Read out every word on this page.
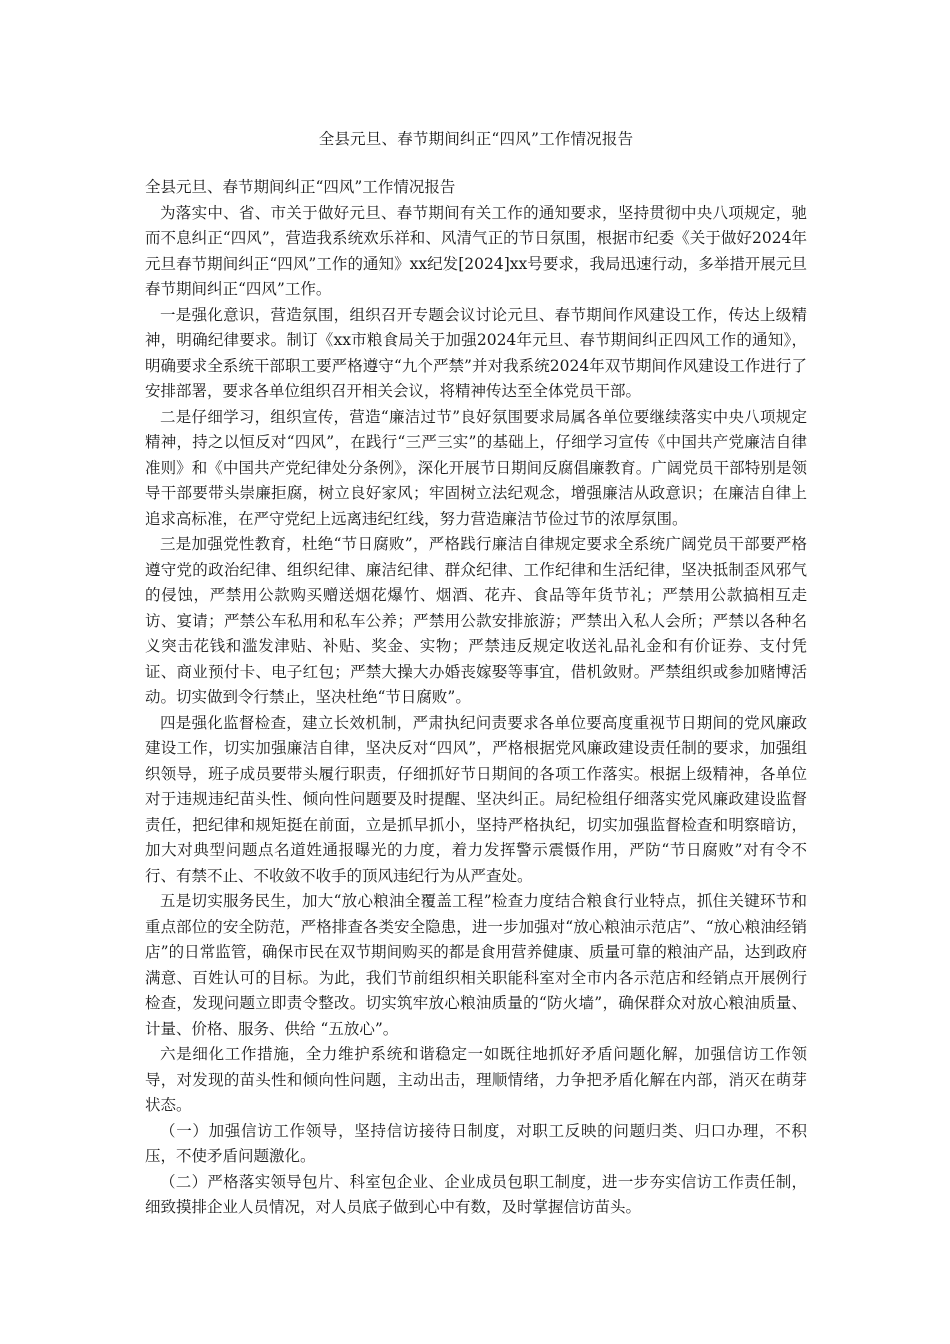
全县元旦、春节期间纠正“四风”工作情况报告
全县元旦、春节期间纠正“四风”工作情况报告

为落实中、省、市关于做好元旦、春节期间有关工作的通知要求，坚持贯彻中央八项规定，驰而不息纠正“四风”，营造我系统欢乐祥和、风清气正的节日氛围，根据市纪委《关于做好2024年元旦春节期间纠正“四风”工作的通知》xx纪发[2024]xx号要求，我局迅速行动，多举措开展元旦春节期间纠正“四风”工作。

一是强化意识，营造氛围，组织召开专题会议讨论元旦、春节期间作风建设工作，传达上级精神，明确纪律要求。制订《xx市粮食局关于加强2024年元旦、春节期间纠正四风工作的通知》，明确要求全系统干部职工要严格遵守“九个严禁”并对我系统2024年双节期间作风建设工作进行了安排部署，要求各单位组织召开相关会议，将精神传达至全体党员干部。

二是仔细学习，组织宣传，营造“廉洁过节”良好氛围要求局属各单位要继续落实中央八项规定精神，持之以恒反对“四风”，在践行“三严三实”的基础上，仔细学习宣传《中国共产党廉洁自律准则》和《中国共产党纪律处分条例》，深化开展节日期间反腐倡廉教育。广阔党员干部特别是领导干部要带头崇廉拒腐，树立良好家风；牢固树立法纪观念，增强廉洁从政意识；在廉洁自律上追求高标准，在严守党纪上远离违纪红线，努力营造廉洁节俭过节的浓厚氛围。

三是加强党性教育，杜绝“节日腐败”，严格践行廉洁自律规定要求全系统广阔党员干部要严格遵守党的政治纪律、组织纪律、廉洁纪律、群众纪律、工作纪律和生活纪律，坚决抵制歪风邪气的侵蚀，严禁用公款购买赠送烟花爆竹、烟酒、花卉、食品等年货节礼；严禁用公款搞相互走访、宴请；严禁公车私用和私车公养；严禁用公款安排旅游；严禁出入私人会所；严禁以各种名义突击花钱和滥发津贴、补贴、奖金、实物；严禁违反规定收送礼品礼金和有价证券、支付凭证、商业预付卡、电子红包；严禁大操大办婚丧嫁娶等事宜，借机敛财。严禁组织或参加赌博活动。切实做到令行禁止，坚决杜绝“节日腐败”。

四是强化监督检查，建立长效机制，严肃执纪问责要求各单位要高度重视节日期间的党风廉政建设工作，切实加强廉洁自律，坚决反对“四风”，严格根据党风廉政建设责任制的要求，加强组织领导，班子成员要带头履行职责，仔细抓好节日期间的各项工作落实。根据上级精神，各单位对于违规违纪苗头性、倾向性问题要及时提醒、坚决纠正。局纪检组仔细落实党风廉政建设监督责任，把纪律和规矩挺在前面，立是抓早抓小，坚持严格执纪，切实加强监督检查和明察暗访，加大对典型问题点名道姓通报曝光的力度，着力发挥警示震慑作用，严防“节日腐败”对有令不行、有禁不止、不收敛不收手的顶风违纪行为从严查处。

五是切实服务民生，加大“放心粮油全覆盖工程”检查力度结合粮食行业特点，抓住关键环节和重点部位的安全防范，严格排查各类安全隐患，进一步加强对“放心粮油示范店”、“放心粮油经销店”的日常监管，确保市民在双节期间购买的都是食用营养健康、质量可靠的粮油产品，达到政府满意、百姓认可的目标。为此，我们节前组织相关职能科室对全市内各示范店和经销点开展例行检查，发现问题立即责令整改。切实筑牢放心粮油质量的“防火墙”，确保群众对放心粮油质量、计量、价格、服务、供给 “五放心”。

六是细化工作措施，全力维护系统和谐稳定一如既往地抓好矛盾问题化解，加强信访工作领导，对发现的苗头性和倾向性问题，主动出击，理顺情绪，力争把矛盾化解在内部，消灭在萌芽状态。

（一）加强信访工作领导，坚持信访接待日制度，对职工反映的问题归类、归口办理，不积压，不使矛盾问题激化。

（二）严格落实领导包片、科室包企业、企业成员包职工制度，进一步夯实信访工作责任制，细致摸排企业人员情况，对人员底子做到心中有数，及时掌握信访苗头。
